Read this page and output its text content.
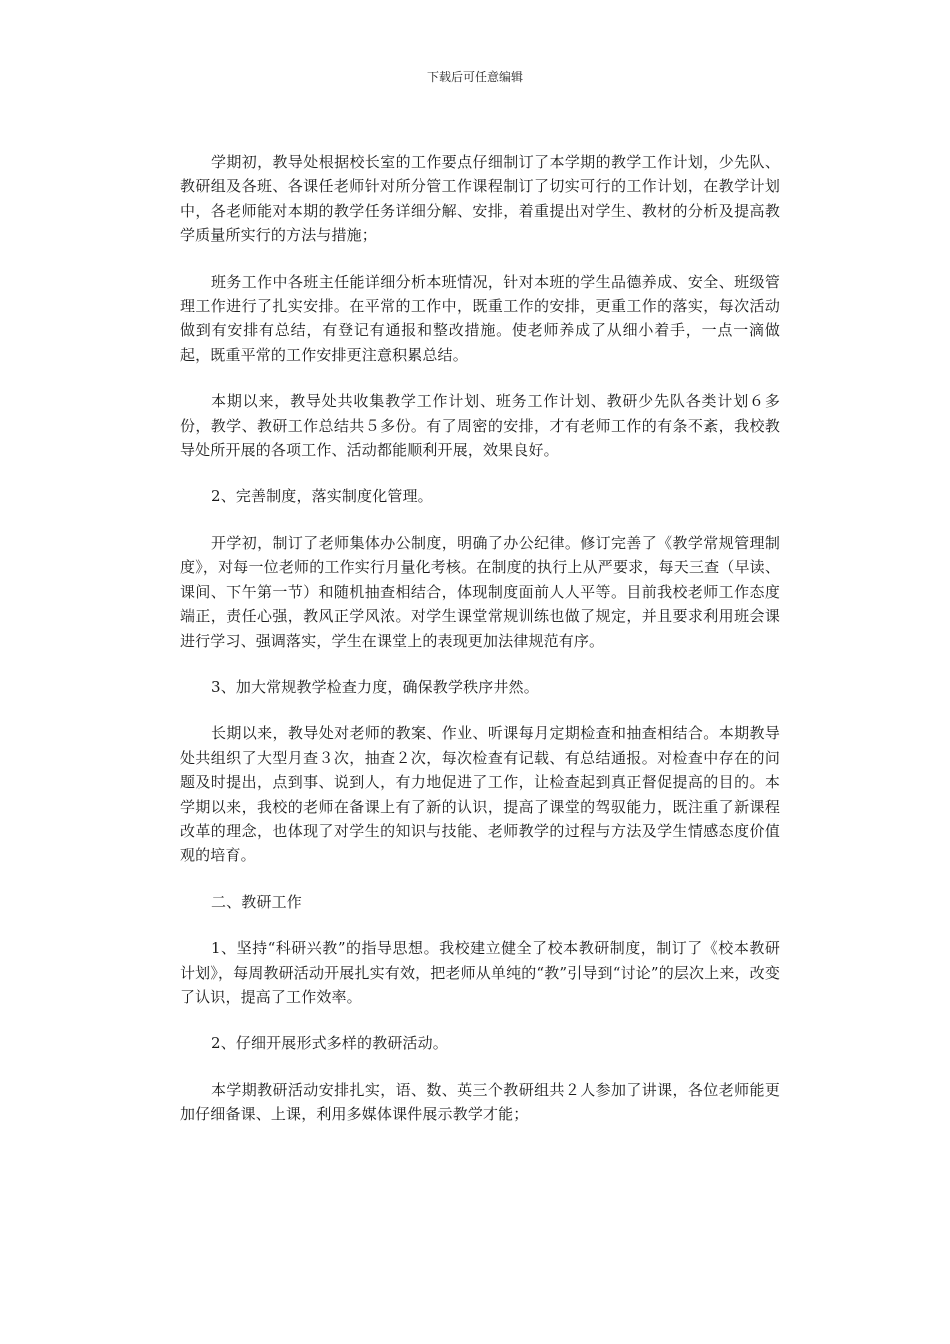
下载后可任意编辑

学期初，教导处根据校长室的工作要点仔细制订了本学期的教学工作计划，少先队、教研组及各班、各课任老师针对所分管工作课程制订了切实可行的工作计划，在教学计划中，各老师能对本期的教学任务详细分解、安排，着重提出对学生、教材的分析及提高教学质量所实行的方法与措施；

班务工作中各班主任能详细分析本班情况，针对本班的学生品德养成、安全、班级管理工作进行了扎实安排。在平常的工作中，既重工作的安排，更重工作的落实，每次活动做到有安排有总结，有登记有通报和整改措施。使老师养成了从细小着手，一点一滴做起，既重平常的工作安排更注意积累总结。

本期以来，教导处共收集教学工作计划、班务工作计划、教研少先队各类计划６多份，教学、教研工作总结共５多份。有了周密的安排，才有老师工作的有条不紊，我校教导处所开展的各项工作、活动都能顺利开展，效果良好。

2、完善制度，落实制度化管理。

开学初，制订了老师集体办公制度，明确了办公纪律。修订完善了《教学常规管理制度》，对每一位老师的工作实行月量化考核。在制度的执行上从严要求，每天三查（早读、课间、下午第一节）和随机抽查相结合，体现制度面前人人平等。目前我校老师工作态度端正，责任心强，教风正学风浓。对学生课堂常规训练也做了规定，并且要求利用班会课进行学习、强调落实，学生在课堂上的表现更加法律规范有序。

3、加大常规教学检查力度，确保教学秩序井然。

长期以来，教导处对老师的教案、作业、听课每月定期检查和抽查相结合。本期教导处共组织了大型月查３次，抽查２次，每次检查有记载、有总结通报。对检查中存在的问题及时提出，点到事、说到人，有力地促进了工作，让检查起到真正督促提高的目的。本学期以来，我校的老师在备课上有了新的认识，提高了课堂的驾驭能力，既注重了新课程改革的理念，也体现了对学生的知识与技能、老师教学的过程与方法及学生情感态度价值观的培育。

二、教研工作

1、坚持“科研兴教”的指导思想。我校建立健全了校本教研制度，制订了《校本教研计划》，每周教研活动开展扎实有效，把老师从单纯的“教”引导到“讨论”的层次上来，改变了认识，提高了工作效率。

2、仔细开展形式多样的教研活动。

本学期教研活动安排扎实，语、数、英三个教研组共２人参加了讲课，各位老师能更加仔细备课、上课，利用多媒体课件展示教学才能；
